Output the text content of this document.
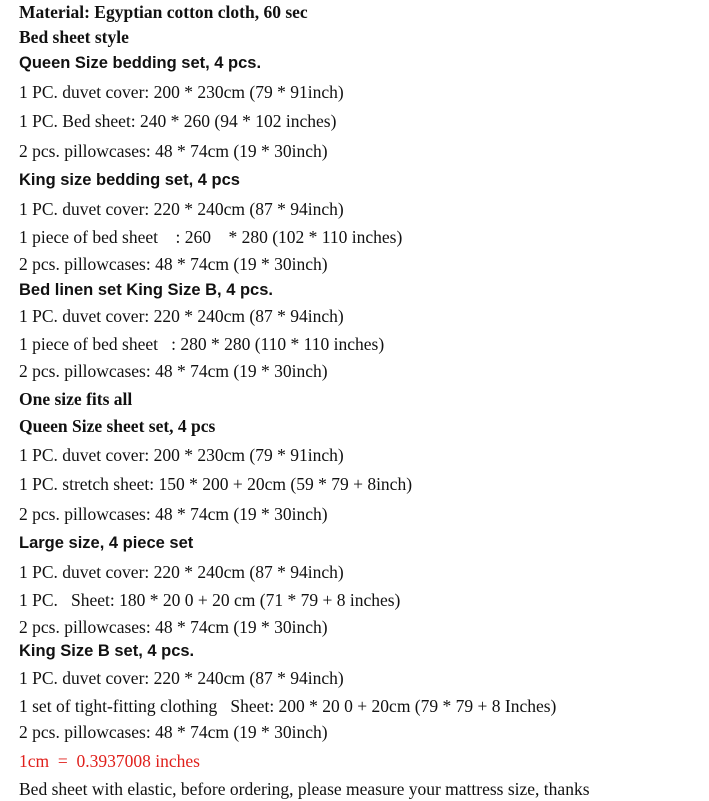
Material: Egyptian cotton cloth, 60 sec
Bed sheet style
Queen Size bedding set, 4 pcs.
1 PC. duvet cover: 200 * 230cm (79 * 91inch)
1 PC. Bed sheet: 240 * 260 (94 * 102 inches)
2 pcs. pillowcases: 48 * 74cm (19 * 30inch)
King size bedding set, 4 pcs
1 PC. duvet cover: 220 * 240cm (87 * 94inch)
1 piece of bed sheet    : 260    * 280 (102 * 110 inches)
2 pcs. pillowcases: 48 * 74cm (19 * 30inch)
Bed linen set King Size B, 4 pcs.
1 PC. duvet cover: 220 * 240cm (87 * 94inch)
1 piece of bed sheet   : 280 * 280 (110 * 110 inches)
2 pcs. pillowcases: 48 * 74cm (19 * 30inch)
One size fits all
Queen Size sheet set, 4 pcs
1 PC. duvet cover: 200 * 230cm (79 * 91inch)
1 PC. stretch sheet: 150 * 200 + 20cm (59 * 79 + 8inch)
2 pcs. pillowcases: 48 * 74cm (19 * 30inch)
Large size, 4 piece set
1 PC. duvet cover: 220 * 240cm (87 * 94inch)
1 PC.   Sheet: 180 * 20 0 + 20 cm (71 * 79 + 8 inches)
2 pcs. pillowcases: 48 * 74cm (19 * 30inch)
King Size B set, 4 pcs.
1 PC. duvet cover: 220 * 240cm (87 * 94inch)
1 set of tight-fitting clothing   Sheet: 200 * 20 0 + 20cm (79 * 79 + 8 Inches)
2 pcs. pillowcases: 48 * 74cm (19 * 30inch)
1cm  =  0.3937008 inches
Bed sheet with elastic, before ordering, please measure your mattress size, thanks
